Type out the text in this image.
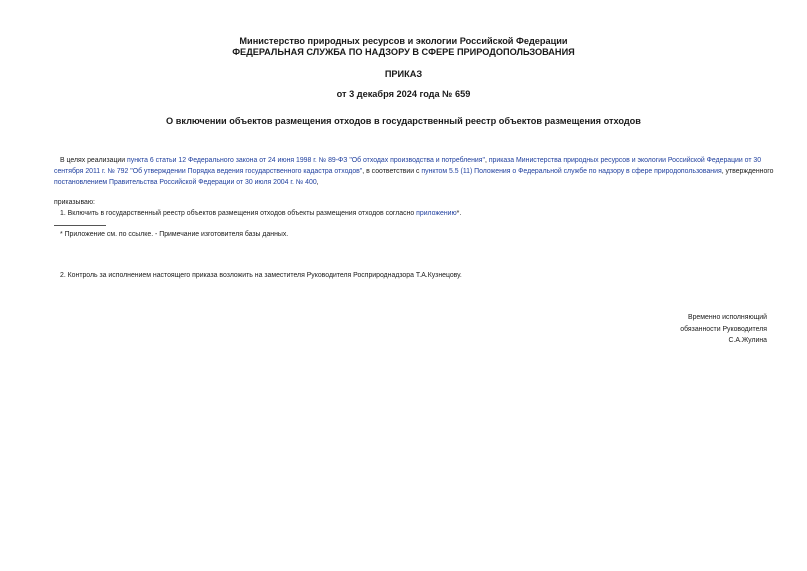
Министерство природных ресурсов и экологии Российской Федерации
ФЕДЕРАЛЬНАЯ СЛУЖБА ПО НАДЗОРУ В СФЕРЕ ПРИРОДОПОЛЬЗОВАНИЯ
ПРИКАЗ
от 3 декабря 2024 года № 659
О включении объектов размещения отходов в государственный реестр объектов размещения отходов
В целях реализации пункта 6 статьи 12 Федерального закона от 24 июня 1998 г. № 89-ФЗ "Об отходах производства и потребления", приказа Министерства природных ресурсов и экологии Российской Федерации от 30 сентября 2011 г. № 792 "Об утверждении Порядка ведения государственного кадастра отходов", в соответствии с пунктом 5.5 (11) Положения о Федеральной службе по надзору в сфере природопользования, утвержденного постановлением Правительства Российской Федерации от 30 июля 2004 г. № 400,
приказываю:
1. Включить в государственный реестр объектов размещения отходов объекты размещения отходов согласно приложению*.
* Приложение см. по ссылке. - Примечание изготовителя базы данных.
2. Контроль за исполнением настоящего приказа возложить на заместителя Руководителя Росприроднадзора Т.А.Кузнецову.
Временно исполняющий
обязанности Руководителя
С.А.Жулина
